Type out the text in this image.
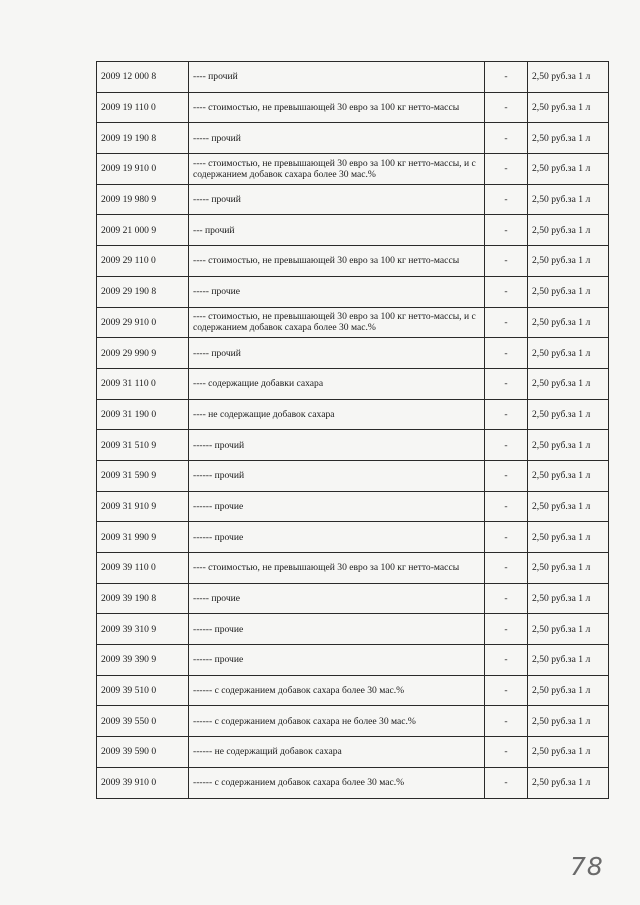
2009 12 000 8	---- прочий	-	2,50 руб.за 1 л
2009 19 110 0	---- стоимостью, не превышающей 30 евро за 100 кг нетто-массы	-	2,50 руб.за 1 л
2009 19 190 8	----- прочий	-	2,50 руб.за 1 л
2009 19 910 0	---- стоимостью, не превышающей 30 евро за 100 кг нетто-массы, и с содержанием добавок сахара более 30 мас.%	-	2,50 руб.за 1 л
2009 19 980 9	----- прочий	-	2,50 руб.за 1 л
2009 21 000 9	--- прочий	-	2,50 руб.за 1 л
2009 29 110 0	---- стоимостью, не превышающей 30 евро за 100 кг нетто-массы	-	2,50 руб.за 1 л
2009 29 190 8	----- прочие	-	2,50 руб.за 1 л
2009 29 910 0	---- стоимостью, не превышающей 30 евро за 100 кг нетто-массы, и с содержанием добавок сахара более 30 мас.%	-	2,50 руб.за 1 л
2009 29 990 9	----- прочий	-	2,50 руб.за 1 л
2009 31 110 0	---- содержащие добавки сахара	-	2,50 руб.за 1 л
2009 31 190 0	---- не содержащие добавок сахара	-	2,50 руб.за 1 л
2009 31 510 9	------ прочий	-	2,50 руб.за 1 л
2009 31 590 9	------ прочий	-	2,50 руб.за 1 л
2009 31 910 9	------ прочие	-	2,50 руб.за 1 л
2009 31 990 9	------ прочие	-	2,50 руб.за 1 л
2009 39 110 0	---- стоимостью, не превышающей 30 евро за 100 кг нетто-массы	-	2,50 руб.за 1 л
2009 39 190 8	----- прочие	-	2,50 руб.за 1 л
2009 39 310 9	------ прочие	-	2,50 руб.за 1 л
2009 39 390 9	------ прочие	-	2,50 руб.за 1 л
2009 39 510 0	------ с содержанием добавок сахара более 30 мас.%	-	2,50 руб.за 1 л
2009 39 550 0	------ с содержанием добавок сахара не более 30 мас.%	-	2,50 руб.за 1 л
2009 39 590 0	------ не содержащий добавок сахара	-	2,50 руб.за 1 л
2009 39 910 0	------ с содержанием добавок сахара более 30 мас.%	-	2,50 руб.за 1 л
78
